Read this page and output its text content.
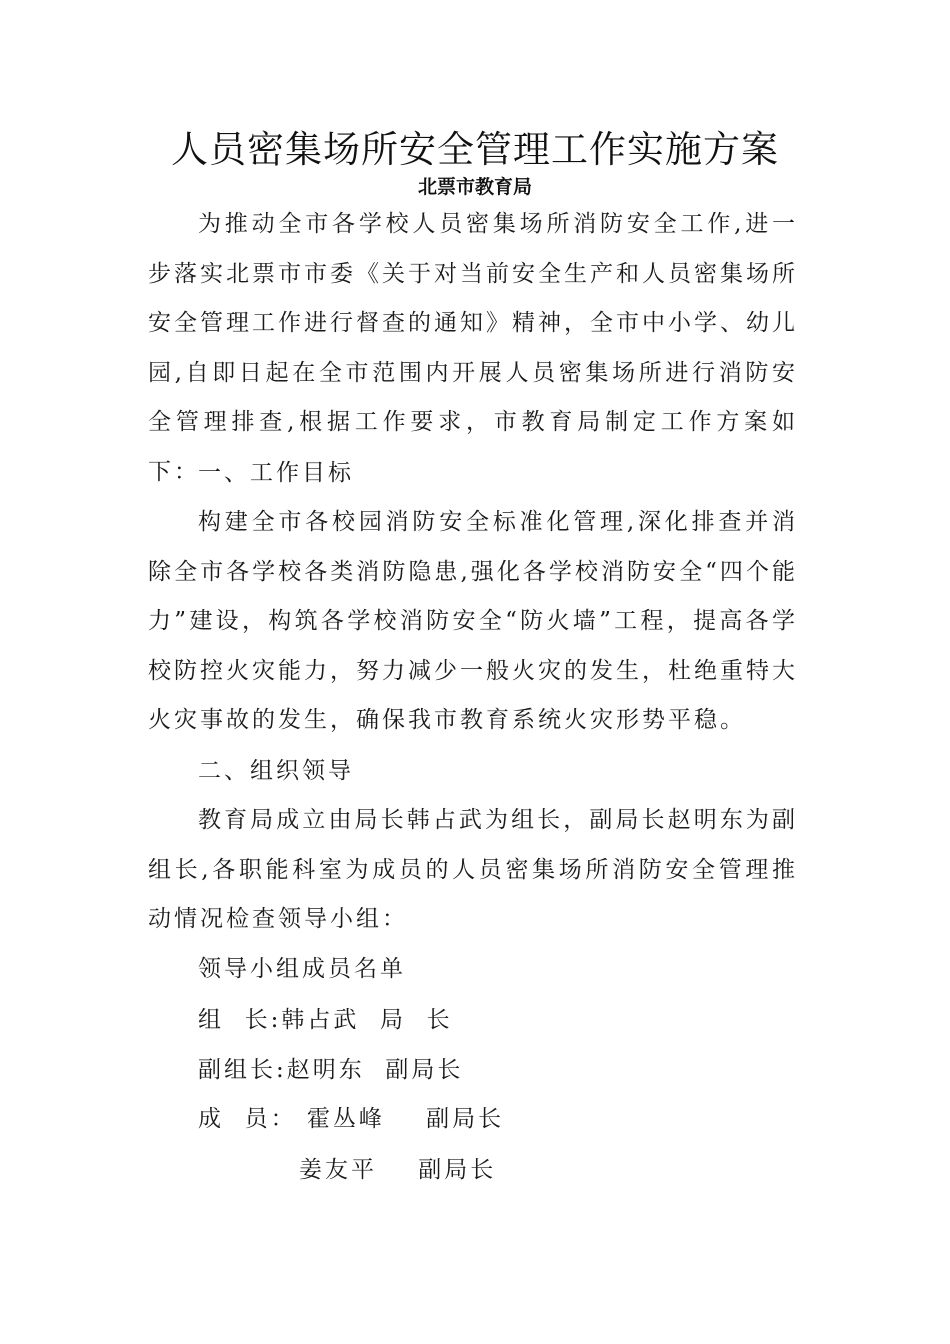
人员密集场所安全管理工作实施方案
北票市教育局

为推动全市各学校人员密集场所消防安全工作,进一步落实北票市市委《关于对当前安全生产和人员密集场所安全管理工作进行督查的通知》精神，全市中小学、幼儿园,自即日起在全市范围内开展人员密集场所进行消防安全管理排查,根据工作要求，市教育局制定工作方案如下：

一、工作目标

构建全市各校园消防安全标准化管理,深化排查并消除全市各学校各类消防隐患,强化各学校消防安全“四个能力”建设，构筑各学校消防安全“防火墙”工程，提高各学校防控火灾能力，努力减少一般火灾的发生，杜绝重特大火灾事故的发生，确保我市教育系统火灾形势平稳。

二、组织领导

教育局成立由局长韩占武为组长，副局长赵明东为副组长,各职能科室为成员的人员密集场所消防安全管理推动情况检查领导小组：

领导小组成员名单

组  长:韩占武  局  长

副组长:赵明东  副局长

成  员： 霍丛峰    副局长

姜友平    副局长
